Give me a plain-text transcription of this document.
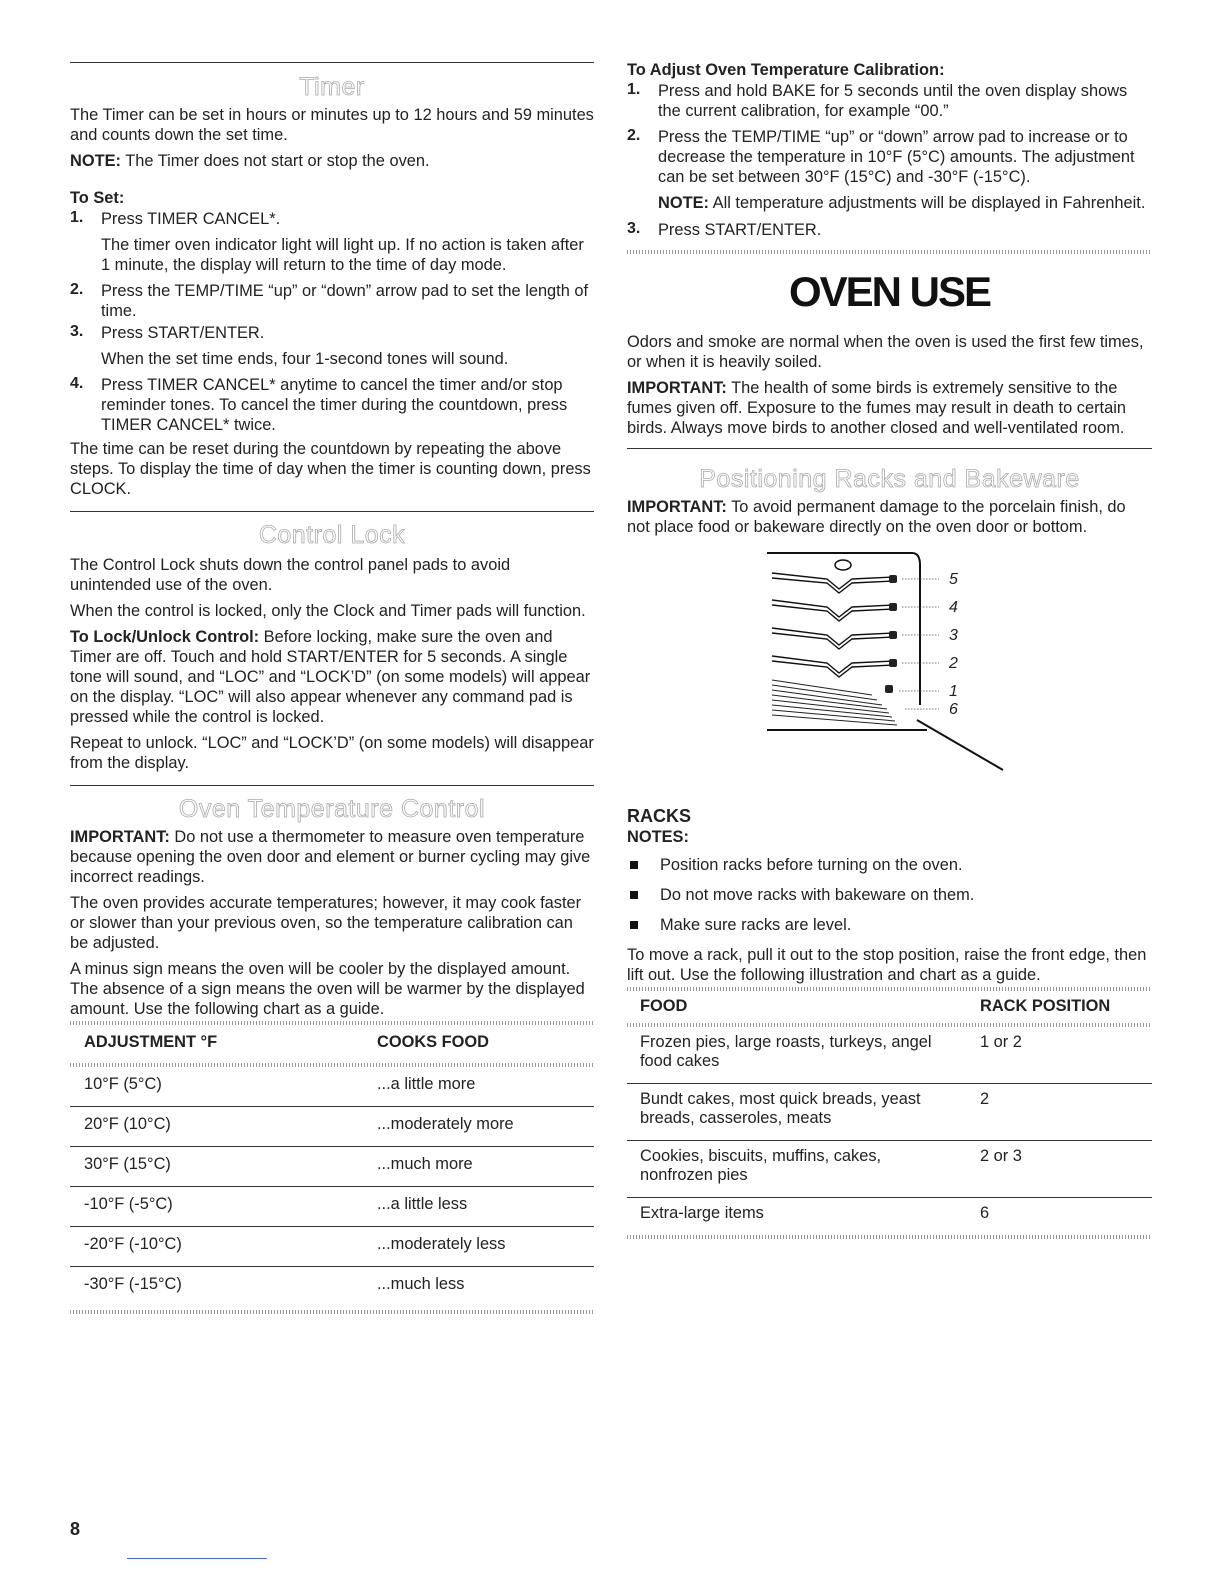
Timer

The Timer can be set in hours or minutes up to 12 hours and 59 minutes and counts down the set time.

NOTE: The Timer does not start or stop the oven.

To Set:
1. Press TIMER CANCEL*.

The timer oven indicator light will light up. If no action is taken after 1 minute, the display will return to the time of day mode.

2. Press the TEMP/TIME “up” or “down” arrow pad to set the length of time.

3. Press START/ENTER.

When the set time ends, four 1-second tones will sound.

4. Press TIMER CANCEL* anytime to cancel the timer and/or stop reminder tones. To cancel the timer during the countdown, press TIMER CANCEL* twice.

The time can be reset during the countdown by repeating the above steps. To display the time of day when the timer is counting down, press CLOCK.

Control Lock

The Control Lock shuts down the control panel pads to avoid unintended use of the oven.

When the control is locked, only the Clock and Timer pads will function.

To Lock/Unlock Control: Before locking, make sure the oven and Timer are off. Touch and hold START/ENTER for 5 seconds. A single tone will sound, and “LOC” and “LOCK’D” (on some models) will appear on the display. “LOC” will also appear whenever any command pad is pressed while the control is locked.

Repeat to unlock. “LOC” and “LOCK’D” (on some models) will disappear from the display.

Oven Temperature Control

IMPORTANT: Do not use a thermometer to measure oven temperature because opening the oven door and element or burner cycling may give incorrect readings.

The oven provides accurate temperatures; however, it may cook faster or slower than your previous oven, so the temperature calibration can be adjusted.

A minus sign means the oven will be cooler by the displayed amount. The absence of a sign means the oven will be warmer by the displayed amount. Use the following chart as a guide.

ADJUSTMENT °F	COOKS FOOD
10°F (5°C)	...a little more
20°F (10°C)	...moderately more
30°F (15°C)	...much more
-10°F (-5°C)	...a little less
-20°F (-10°C)	...moderately less
-30°F (-15°C)	...much less
To Adjust Oven Temperature Calibration:
1. Press and hold BAKE for 5 seconds until the oven display shows the current calibration, for example “00.”

2. Press the TEMP/TIME “up” or “down” arrow pad to increase or to decrease the temperature in 10°F (5°C) amounts. The adjustment can be set between 30°F (15°C) and -30°F (-15°C).

NOTE: All temperature adjustments will be displayed in Fahrenheit.

3. Press START/ENTER.

OVEN USE

Odors and smoke are normal when the oven is used the first few times, or when it is heavily soiled.

IMPORTANT: The health of some birds is extremely sensitive to the fumes given off. Exposure to the fumes may result in death to certain birds. Always move birds to another closed and well-ventilated room.

Positioning Racks and Bakeware

IMPORTANT: To avoid permanent damage to the porcelain finish, do not place food or bakeware directly on the oven door or bottom.

5
4
3
2
1
6
RACKS
NOTES:

Position racks before turning on the oven.

Do not move racks with bakeware on them.

Make sure racks are level.

To move a rack, pull it out to the stop position, raise the front edge, then lift out. Use the following illustration and chart as a guide.

FOOD	RACK POSITION
Frozen pies, large roasts, turkeys, angel food cakes	1 or 2

Bundt cakes, most quick breads, yeast breads, casseroles, meats	2

Cookies, biscuits, muffins, cakes, nonfrozen pies	2 or 3

Extra-large items	6
8
